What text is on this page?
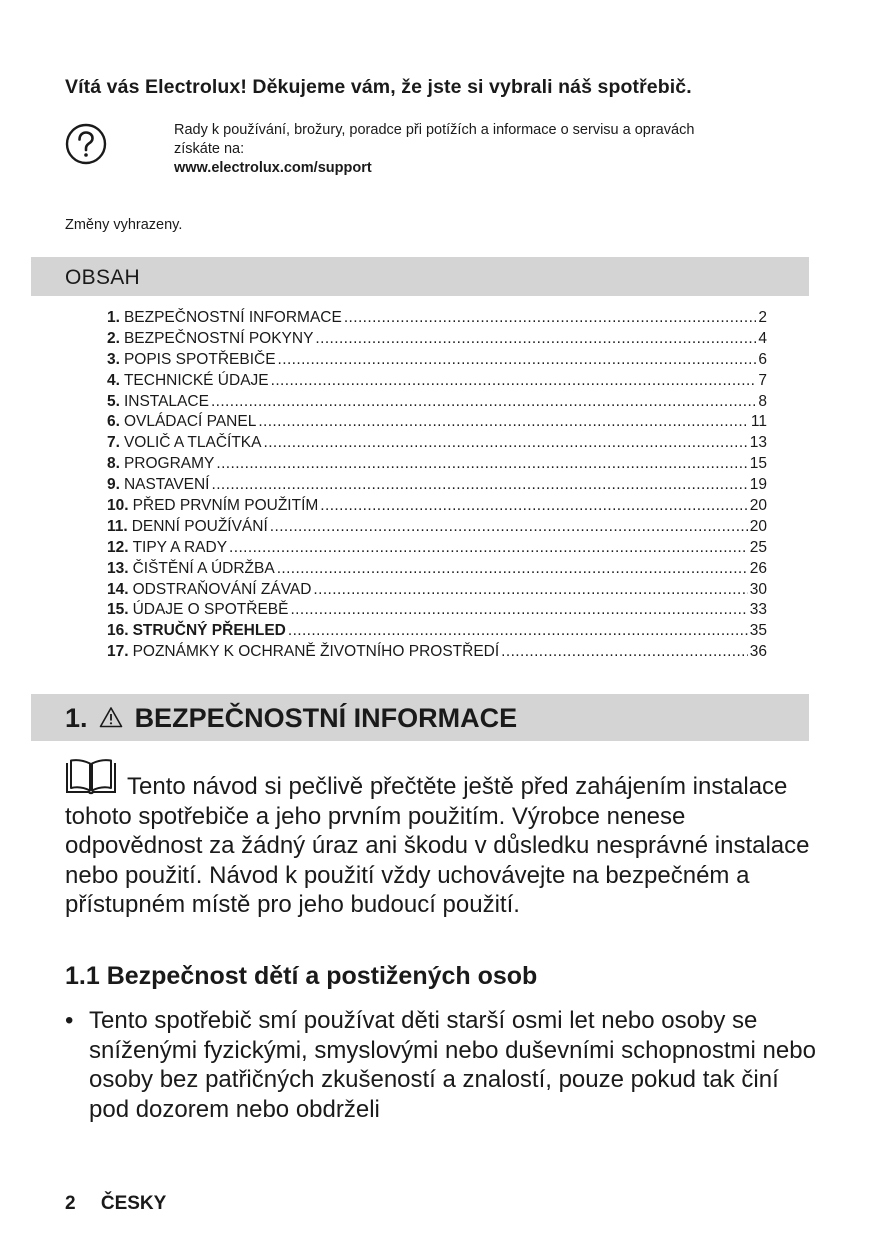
Vítá vás Electrolux! Děkujeme vám, že jste si vybrali náš spotřebič.
Rady k používání, brožury, poradce při potížích a informace o servisu a opravách
získáte na:
www.electrolux.com/support
Změny vyhrazeny.
OBSAH
1. BEZPEČNOSTNÍ INFORMACE .....	2
2. BEZPEČNOSTNÍ POKYNY .....	4
3. POPIS SPOTŘEBIČE .....	6
4. TECHNICKÉ ÚDAJE .....	7
5. INSTALACE .....	8
6. OVLÁDACÍ PANEL .....	11
7. VOLIČ A TLAČÍTKA .....	13
8. PROGRAMY .....	15
9. NASTAVENÍ .....	19
10. PŘED PRVNÍM POUŽITÍM .....	20
11. DENNÍ POUŽÍVÁNÍ .....	20
12. TIPY A RADY .....	25
13. ČIŠTĚNÍ A ÚDRŽBA .....	26
14. ODSTRAŇOVÁNÍ ZÁVAD .....	30
15. ÚDAJE O SPOTŘEBĚ .....	33
16. STRUČNÝ PŘEHLED .....	35
17. POZNÁMKY K OCHRANĚ ŽIVOTNÍHO PROSTŘEDÍ .....	36
1. BEZPEČNOSTNÍ INFORMACE
Tento návod si pečlivě přečtěte ještě před zahájením instalace tohoto spotřebiče a jeho prvním použitím. Výrobce nenese odpovědnost za žádný úraz ani škodu v důsledku nesprávné instalace nebo použití. Návod k použití vždy uchovávejte na bezpečném a přístupném místě pro jeho budoucí použití.
1.1 Bezpečnost dětí a postižených osob
• Tento spotřebič smí používat děti starší osmi let nebo osoby se sníženými fyzickými, smyslovými nebo duševními schopnostmi nebo osoby bez patřičných zkušeností a znalostí, pouze pokud tak činí pod dozorem nebo obdrželi
2 ČESKY
